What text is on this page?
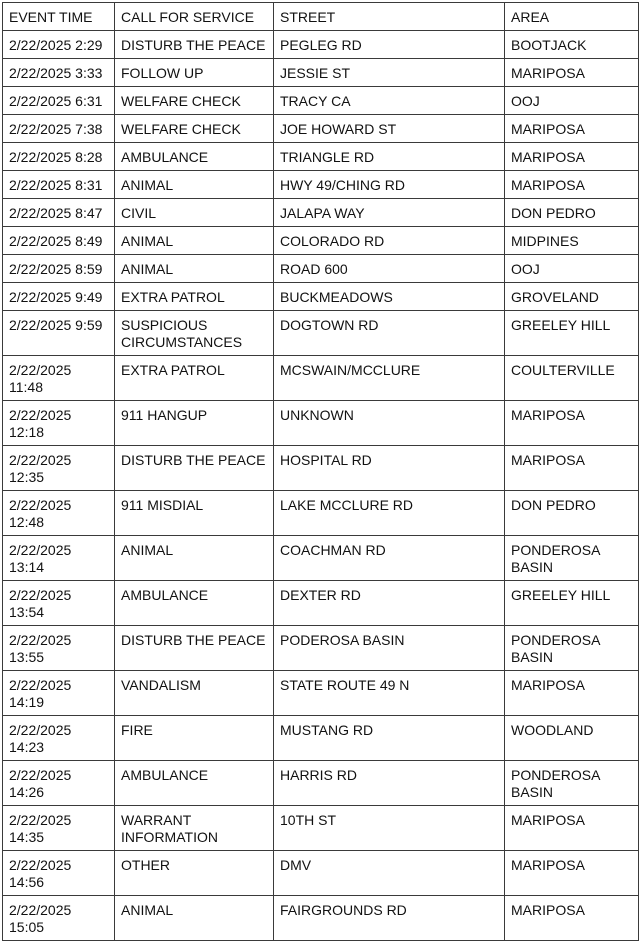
EVENT TIME	CALL FOR SERVICE	STREET	AREA
2/22/2025 2:29	DISTURB THE PEACE	PEGLEG RD	BOOTJACK
2/22/2025 3:33	FOLLOW UP	JESSIE ST	MARIPOSA
2/22/2025 6:31	WELFARE CHECK	TRACY CA	OOJ
2/22/2025 7:38	WELFARE CHECK	JOE HOWARD ST	MARIPOSA
2/22/2025 8:28	AMBULANCE	TRIANGLE RD	MARIPOSA
2/22/2025 8:31	ANIMAL	HWY 49/CHING RD	MARIPOSA
2/22/2025 8:47	CIVIL	JALAPA WAY	DON PEDRO
2/22/2025 8:49	ANIMAL	COLORADO RD	MIDPINES
2/22/2025 8:59	ANIMAL	ROAD 600	OOJ
2/22/2025 9:49	EXTRA PATROL	BUCKMEADOWS	GROVELAND
2/22/2025 9:59	SUSPICIOUS CIRCUMSTANCES	DOGTOWN RD	GREELEY HILL
2/22/2025 11:48	EXTRA PATROL	MCSWAIN/MCCLURE	COULTERVILLE
2/22/2025 12:18	911 HANGUP	UNKNOWN	MARIPOSA
2/22/2025 12:35	DISTURB THE PEACE	HOSPITAL RD	MARIPOSA
2/22/2025 12:48	911 MISDIAL	LAKE MCCLURE RD	DON PEDRO
2/22/2025 13:14	ANIMAL	COACHMAN RD	PONDEROSA BASIN
2/22/2025 13:54	AMBULANCE	DEXTER RD	GREELEY HILL
2/22/2025 13:55	DISTURB THE PEACE	PODEROSA BASIN	PONDEROSA BASIN
2/22/2025 14:19	VANDALISM	STATE ROUTE 49 N	MARIPOSA
2/22/2025 14:23	FIRE	MUSTANG RD	WOODLAND
2/22/2025 14:26	AMBULANCE	HARRIS RD	PONDEROSA BASIN
2/22/2025 14:35	WARRANT INFORMATION	10TH ST	MARIPOSA
2/22/2025 14:56	OTHER	DMV	MARIPOSA
2/22/2025 15:05	ANIMAL	FAIRGROUNDS RD	MARIPOSA
